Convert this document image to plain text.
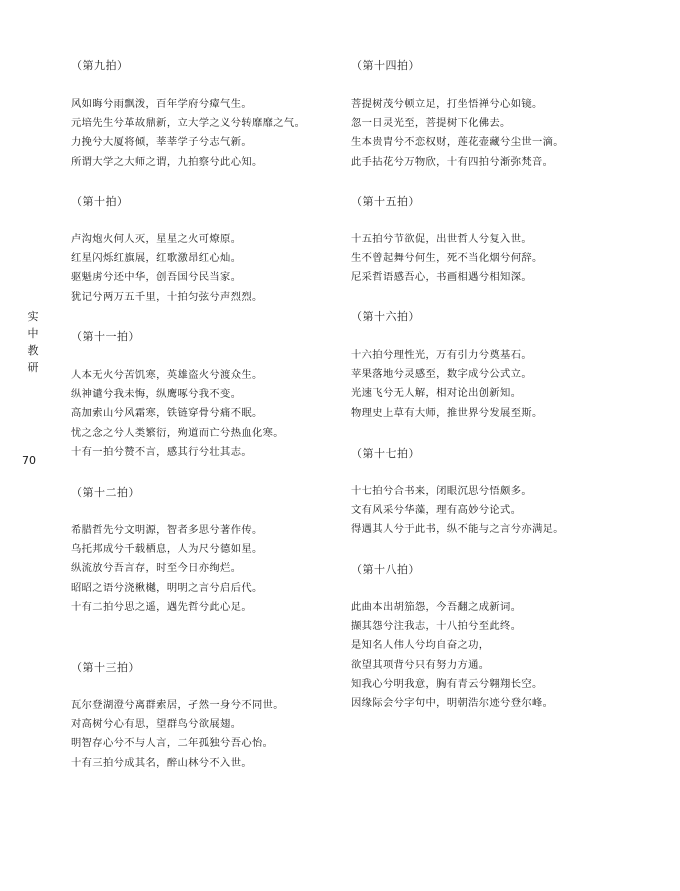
实
中
教
研
70
（第九拍）
风如晦兮雨飘泼，百年学府兮瘴气生。
元培先生兮革故鼎新，立大学之义兮转靡靡之气。
力挽兮大厦将倾，莘莘学子兮志气新。
所谓大学之大师之谓，九拍察兮此心知。
（第十拍）
卢沟炮火何人灭，星星之火可燎原。
红星闪烁红旗展，红歌激昂红心灿。
驱魁虏兮还中华，创吾国兮民当家。
犹记兮两万五千里，十拍匀弦兮声烈烈。
（第十一拍）
人本无火兮苦饥寒，英雄盗火兮渡众生。
纵神谴兮我未悔，纵鹰啄兮我不变。
高加索山兮风霜寒，铁链穿骨兮痛不眠。
忧之念之兮人类繁衍，殉道而亡兮热血化寒。
十有一拍兮赞不言，感其行兮壮其志。
（第十二拍）
希腊哲先兮文明源，智者多思兮著作传。
乌托邦成兮千载栖息，人为尺兮德如星。
纵流放兮吾言存，时至今日亦绚烂。
昭昭之语兮浇楸樾，明明之言兮启后代。
十有二拍兮思之遥，遇先哲兮此心足。
（第十三拍）
瓦尔登湖澄兮离群索居，孑然一身兮不同世。
对高树兮心有思，望群鸟兮欲展翅。
明智存心兮不与人言，二年孤独兮吾心怡。
十有三拍兮成其名，醉山林兮不入世。
（第十四拍）
菩提树茂兮顿立足，打坐悟禅兮心如镜。
忽一日灵光至，菩提树下化佛去。
生本贵胄兮不恋权财，莲花壶藏兮尘世一滴。
此手拈花兮万物欣，十有四拍兮渐弥梵音。
（第十五拍）
十五拍兮节欲促，出世哲人兮复入世。
生不曾起舞兮何生，死不当化烟兮何辞。
尼采哲语感吾心，书画相遇兮相知深。
（第十六拍）
十六拍兮理性光，万有引力兮奠基石。
苹果落地兮灵感至，数字成兮公式立。
光速飞兮无人解，相对论出创新知。
物理史上草有大师，推世界兮发展至斯。
（第十七拍）
十七拍兮合书来，闭眼沉思兮悟颇多。
文有风采兮华藻，理有高妙兮论式。
得遇其人兮于此书，纵不能与之言兮亦满足。
（第十八拍）
此曲本出胡笳怨，今吾翻之成新词。
撷其怨兮注我志，十八拍兮至此终。
是知名人伟人兮均自奋之功，
欲望其项背兮只有努力方通。
知我心兮明我意，胸有青云兮翱翔长空。
因缘际会兮字句中，明朝浩尔迹兮登尔峰。
